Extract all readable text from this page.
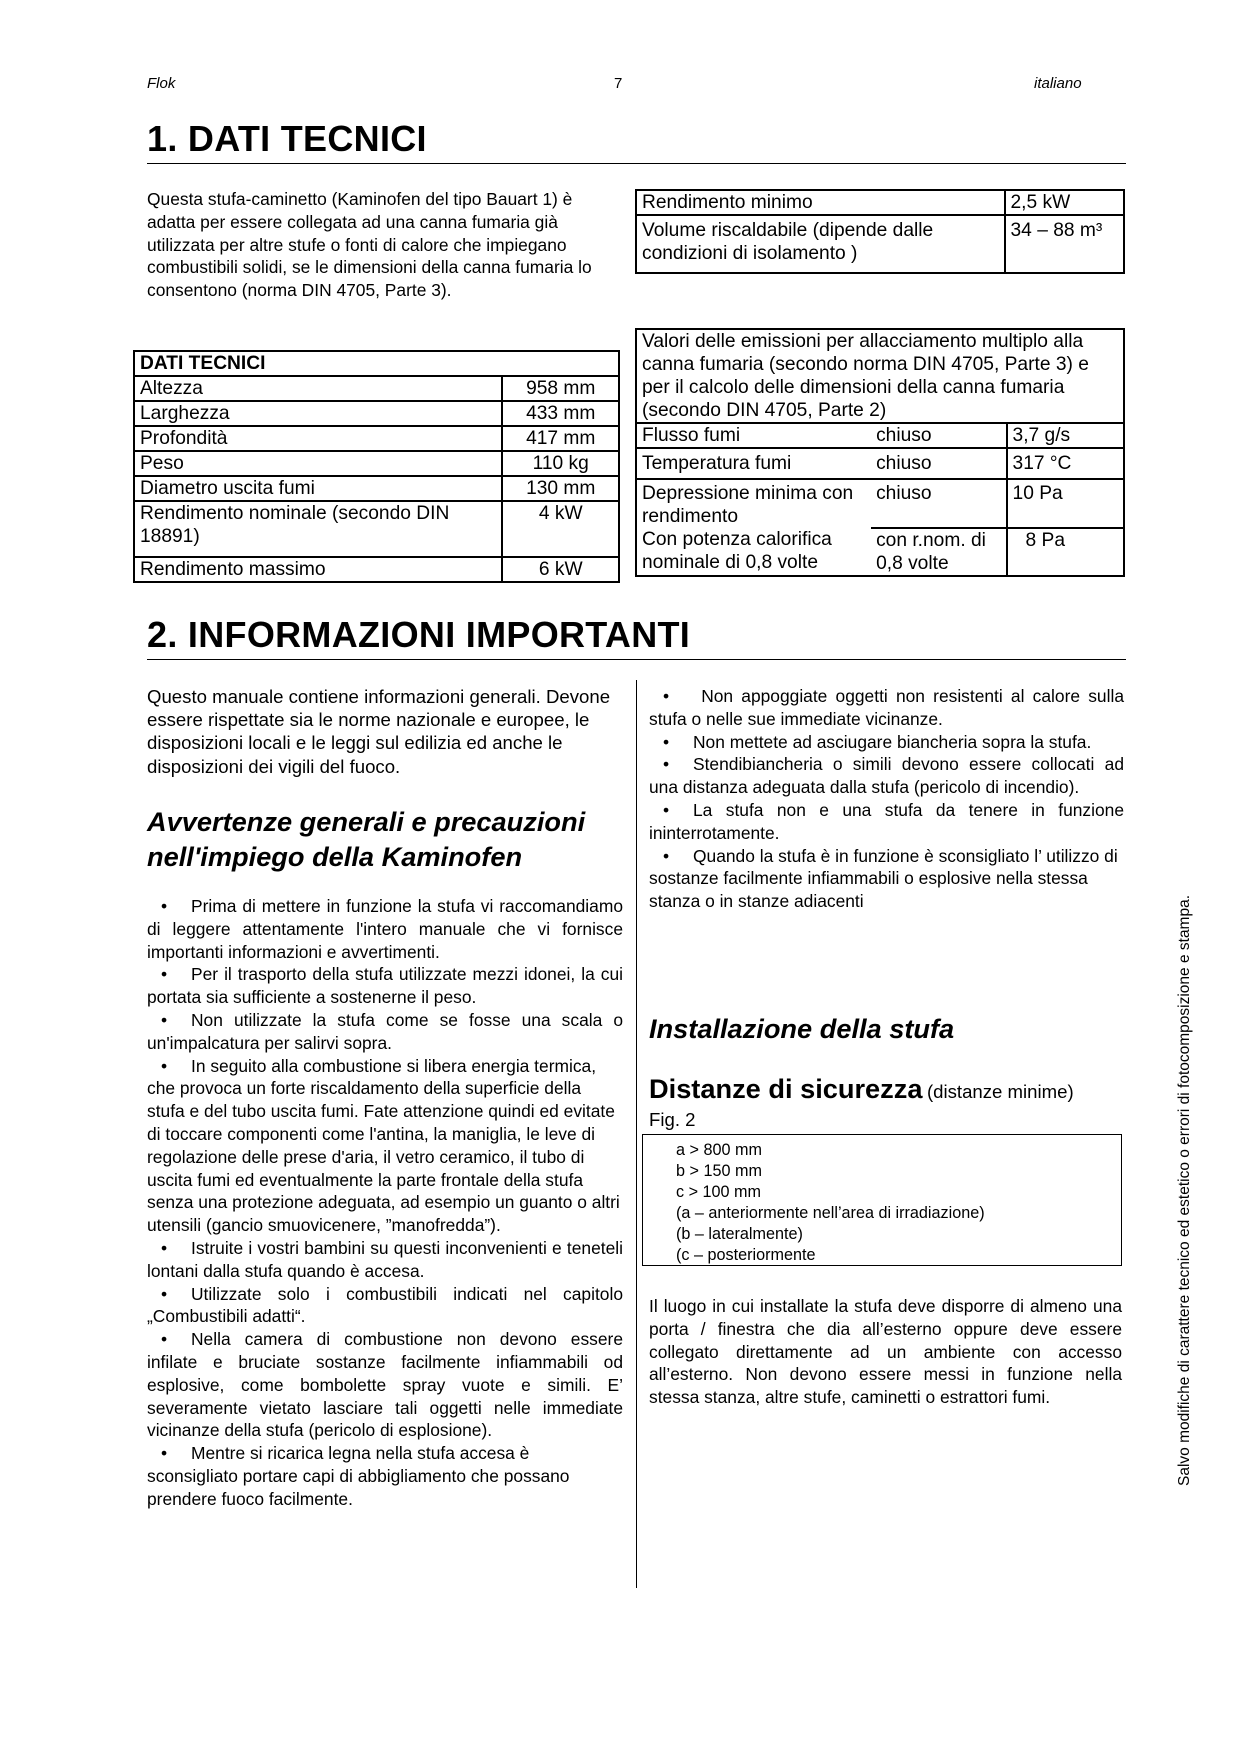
Flok	7	italiano
1. DATI TECNICI
Questa stufa-caminetto (Kaminofen del tipo Bauart 1) è adatta per essere collegata ad una canna fumaria già utilizzata per altre stufe o fonti di calore che impiegano combustibili solidi, se le dimensioni della canna fumaria lo consentono (norma DIN 4705, Parte 3).
DATI TECNICI	
Altezza	958 mm
Larghezza	433 mm
Profondità	417 mm
Peso	110 kg
Diametro uscita fumi	130 mm
Rendimento nominale (secondo DIN 18891)	4 kW
Rendimento massimo	6 kW
Rendimento minimo	2,5 kW
Volume riscaldabile (dipende dalle condizioni di isolamento )	34 – 88 m³
Valori delle emissioni per allacciamento multiplo alla canna fumaria (secondo norma DIN 4705, Parte 3) e per il calcolo delle dimensioni della canna fumaria (secondo DIN 4705, Parte 2)		
Flusso fumi	chiuso	3,7 g/s
Temperatura fumi	chiuso	317 °C
Depressione minima con rendimento	chiuso	10 Pa
Con potenza calorifica nominale di 0,8 volte	con r.nom. di 0,8 volte	8 Pa
2. INFORMAZIONI IMPORTANTI
Questo manuale contiene informazioni generali. Devone essere rispettate sia le norme nazionale e europee, le disposizioni locali e le leggi sul edilizia ed anche le disposizioni dei vigili del fuoco.
Avvertenze generali e precauzioni nell'impiego della Kaminofen
• Prima di mettere in funzione la stufa vi raccomandiamo di leggere attentamente l'intero manuale che vi fornisce importanti informazioni e avvertimenti.
• Per il trasporto della stufa utilizzate mezzi idonei, la cui portata sia sufficiente a sostenerne il peso.
• Non utilizzate la stufa come se fosse una scala o un'impalcatura per salirvi sopra.
• In seguito alla combustione si libera energia termica, che provoca un forte riscaldamento della superficie della stufa e del tubo uscita fumi. Fate attenzione quindi ed evitate di toccare componenti come l'antina, la maniglia, le leve di regolazione delle prese d'aria, il vetro ceramico, il tubo di uscita fumi ed eventualmente la parte frontale della stufa senza una protezione adeguata, ad esempio un guanto o altri utensili (gancio smuovicenere, ”manofredda”).
• Istruite i vostri bambini su questi inconvenienti e teneteli lontani dalla stufa quando è accesa.
• Utilizzate solo i combustibili indicati nel capitolo „Combustibili adatti“.
• Nella camera di combustione non devono essere infilate e bruciate sostanze facilmente infiammabili od esplosive, come bombolette spray vuote e simili. E’ severamente vietato lasciare tali oggetti nelle immediate vicinanze della stufa (pericolo di esplosione).
• Mentre si ricarica legna nella stufa accesa è sconsigliato portare capi di abbigliamento che possano prendere fuoco facilmente.
• Non appoggiate oggetti non resistenti al calore sulla stufa o nelle sue immediate vicinanze.
• Non mettete ad asciugare biancheria sopra la stufa.
• Stendibiancheria o simili devono essere collocati ad una distanza adeguata dalla stufa (pericolo di incendio).
• La stufa non e una stufa da tenere in funzione ininterrotamente.
• Quando la stufa è in funzione è sconsigliato l’ utilizzo di sostanze facilmente infiammabili o esplosive nella stessa stanza o in stanze adiacenti
Installazione della stufa
Distanze di sicurezza (distanze minime)
Fig. 2
a > 800 mm
b > 150 mm
c > 100 mm
(a – anteriormente nell’area di irradiazione)
(b – lateralmente)
(c – posteriormente
Il luogo in cui installate la stufa deve disporre di almeno una porta / finestra che dia all’esterno oppure deve essere collegato direttamente ad un ambiente con accesso all’esterno. Non devono essere messi in funzione nella stessa stanza, altre stufe, caminetti o estrattori fumi.	Salvo modifiche di carattere tecnico ed estetico o errori di fotocomposizione e stampa.
